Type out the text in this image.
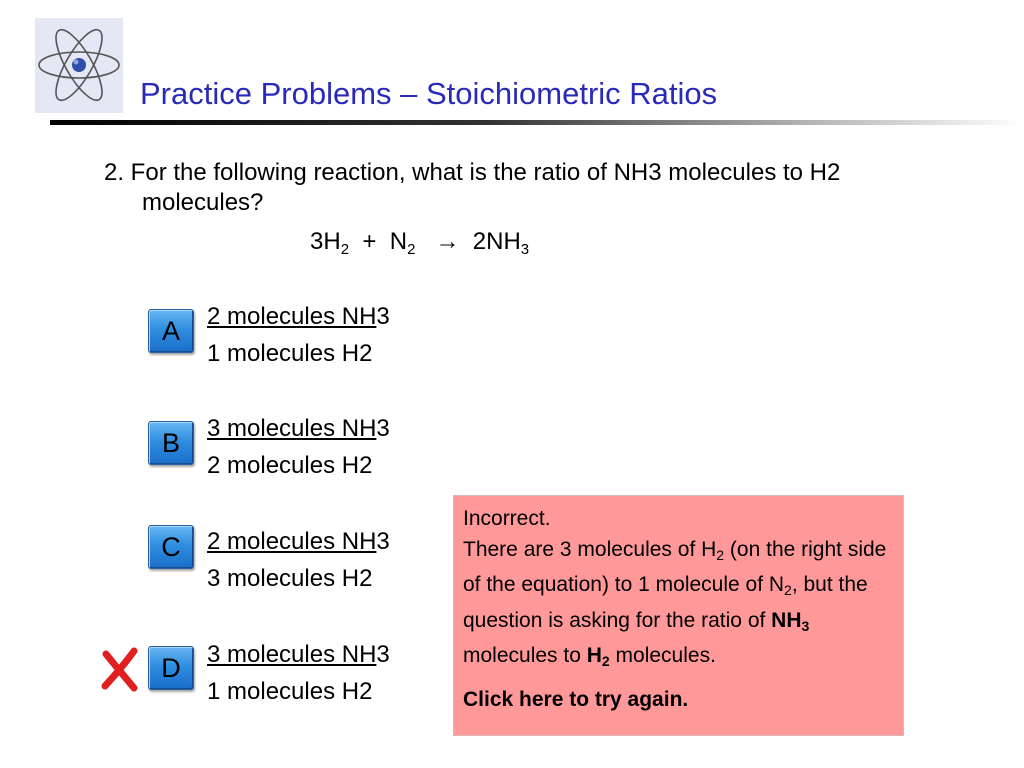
Practice Problems – Stoichiometric Ratios
2. For the following reaction, what is the ratio of NH3 molecules to H2
molecules?
$3H_2 + N_2 \to 2NH_3$
A 2 molecules NH3
1 molecules H2
B 3 molecules NH3
2 molecules H2
C 2 molecules NH3
3 molecules H2
D 3 molecules NH3
1 molecules H2
Incorrect.
There are 3 molecules of $H_2$ (on the right side of the equation) to 1 molecule of $N_2$, but the question is asking for the ratio of $NH_3$ molecules to $H_2$ molecules.
Click here to try again.
